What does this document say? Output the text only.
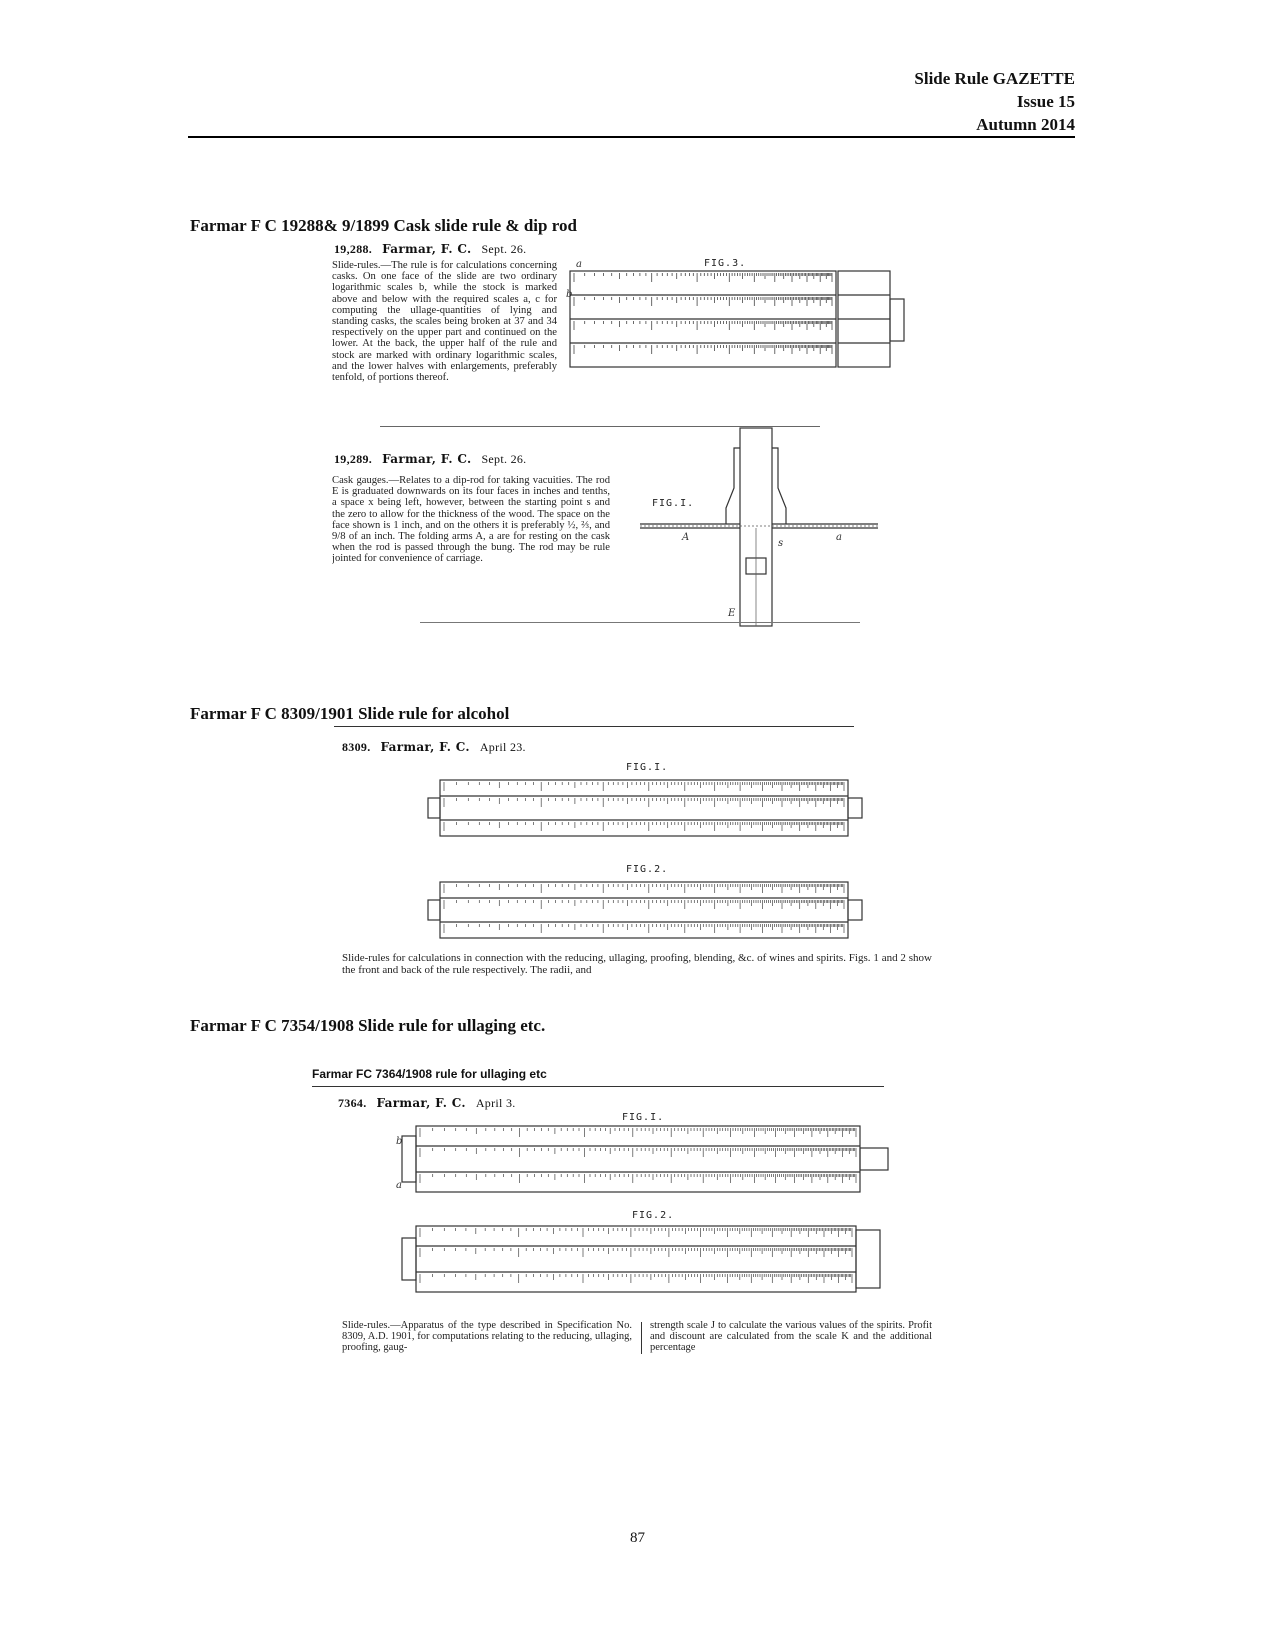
Slide Rule GAZETTE
Issue 15
Autumn 2014
Farmar F C 19288& 9/1899 Cask slide rule & dip rod
19,288. Farmar, F. C. Sept. 26.
Slide-rules.—The rule is for calculations concerning casks. On one face of the slide are two ordinary logarithmic scales b, while the stock is marked above and below with the required scales a, c for computing the ullage-quantities of lying and standing casks, the scales being broken at 37 and 34 respectively on the upper part and continued on the lower. At the back, the upper half of the rule and stock are marked with ordinary logarithmic scales, and the lower halves with enlargements, preferably tenfold, of portions thereof.
FIG.3.
b
a
19,289. Farmar, F. C. Sept. 26.
Cask gauges.—Relates to a dip-rod for taking vacuities. The rod E is graduated downwards on its four faces in inches and tenths, a space x being left, however, between the starting point s and the zero to allow for the thickness of the wood. The space on the face shown is 1 inch, and on the others it is preferably ½, ⅔, and 9/8 of an inch. The folding arms A, a are for resting on the cask when the rod is passed through the bung. The rod may be rule jointed for convenience of carriage.
FIG.I.
A	a
s
E
Farmar F C 8309/1901 Slide rule for alcohol
8309. Farmar, F. C. April 23.
FIG.I.
FIG.2.
Slide-rules for calculations in connection with the reducing, ullaging, proofing, blending, &c. of wines and spirits. Figs. 1 and 2 show the front and back of the rule respectively. The radii, and
Farmar F C 7354/1908 Slide rule for ullaging etc.
Farmar FC 7364/1908 rule for ullaging etc
7364. Farmar, F. C. April 3.
FIG.I.
b
a
FIG.2.
Slide-rules.—Apparatus of the type described in Specification No. 8309, A.D. 1901, for computations relating to the reducing, ullaging, proofing, gaug-
strength scale J to calculate the various values of the spirits. Profit and discount are calculated from the scale K and the additional percentage
87
